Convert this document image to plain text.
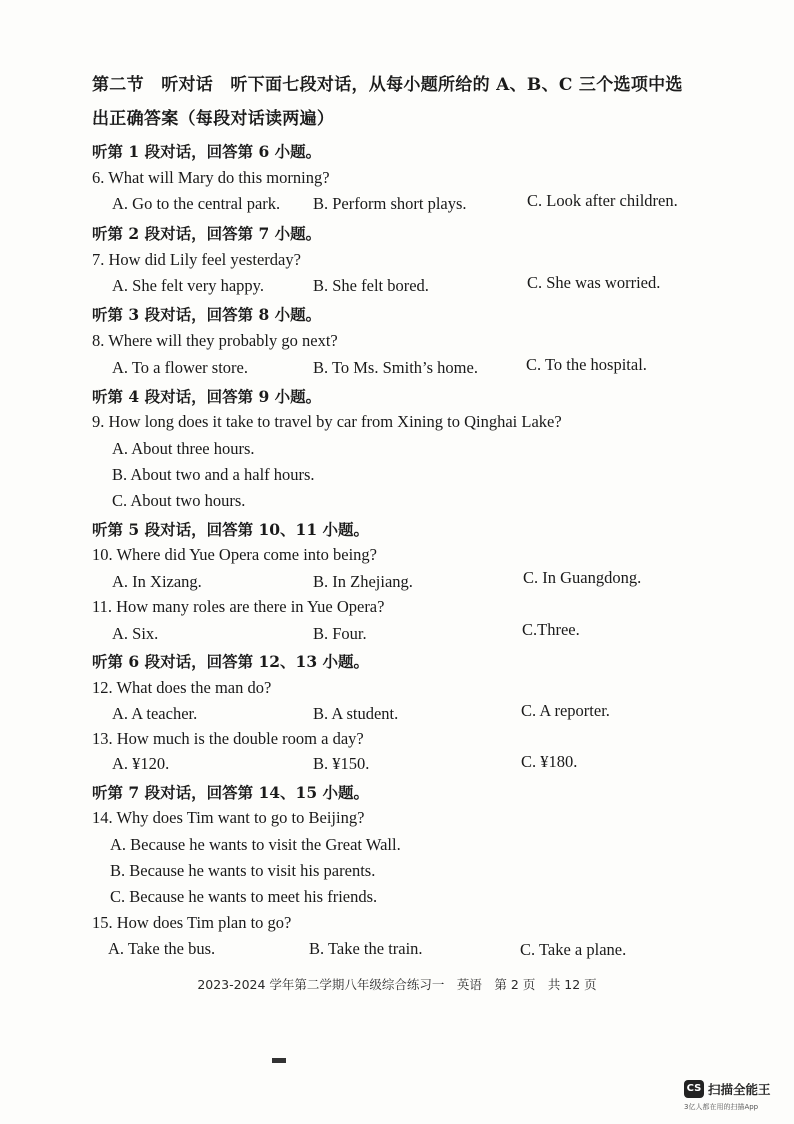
第二节　听对话　听下面七段对话，从每小题所给的 A、B、C 三个选项中选
出正确答案（每段对话读两遍）
听第 1 段对话，回答第 6 小题。
6. What will Mary do this morning?
A. Go to the central park. B. Perform short plays.	C. Look after children.
听第 2 段对话，回答第 7 小题。
7. How did Lily feel yesterday?
A. She felt very happy.	B. She felt bored.	C. She was worried.
听第 3 段对话，回答第 8 小题。
8. Where will they probably go next?
A. To a flower store.	B. To Ms. Smith’s home.	C. To the hospital.
听第 4 段对话，回答第 9 小题。
9. How long does it take to travel by car from Xining to Qinghai Lake?
A. About three hours.
B. About two and a half hours.
C. About two hours.
听第 5 段对话，回答第 10、11 小题。
10. Where did Yue Opera come into being?
A. In Xizang.	B. In Zhejiang.	C. In Guangdong.
11. How many roles are there in Yue Opera?
A. Six.	B. Four.	C.Three.
听第 6 段对话，回答第 12、13 小题。
12. What does the man do?
A. A teacher.	B. A student.	C. A reporter.
13. How much is the double room a day?
A. ¥120.	B. ¥150.	C. ¥180.
听第 7 段对话，回答第 14、15 小题。
14. Why does Tim want to go to Beijing?
A. Because he wants to visit the Great Wall.
B. Because he wants to visit his parents.
C. Because he wants to meet his friends.
15. How does Tim plan to go?
A. Take the bus.	B. Take the train.	C. Take a plane.
2023-2024 学年第二学期八年级综合练习一　英语　第 2 页　共 12 页
CS 扫描全能王
3亿人都在用的扫描App
